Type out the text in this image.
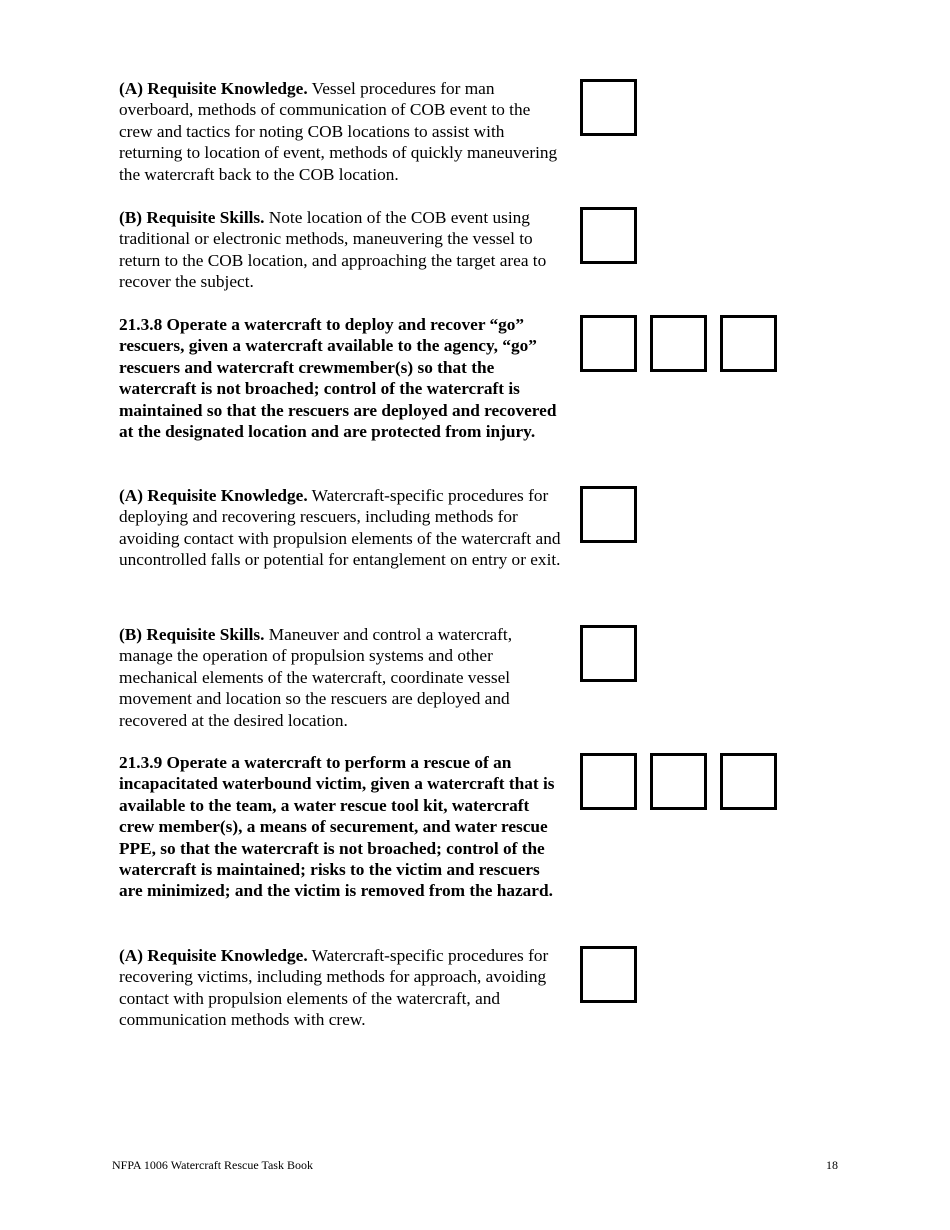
(A) Requisite Knowledge. Vessel procedures for man overboard, methods of communication of COB event to the crew and tactics for noting COB locations to assist with returning to location of event, methods of quickly maneuvering the watercraft back to the COB location.
(B) Requisite Skills. Note location of the COB event using traditional or electronic methods, maneuvering the vessel to return to the COB location, and approaching the target area to recover the subject.
21.3.8 Operate a watercraft to deploy and recover “go” rescuers, given a watercraft available to the agency, “go” rescuers and watercraft crewmember(s) so that the watercraft is not broached; control of the watercraft is maintained so that the rescuers are deployed and recovered at the designated location and are protected from injury.
(A) Requisite Knowledge. Watercraft-specific procedures for deploying and recovering rescuers, including methods for avoiding contact with propulsion elements of the watercraft and uncontrolled falls or potential for entanglement on entry or exit.
(B) Requisite Skills. Maneuver and control a watercraft, manage the operation of propulsion systems and other mechanical elements of the watercraft, coordinate vessel movement and location so the rescuers are deployed and recovered at the desired location.
21.3.9 Operate a watercraft to perform a rescue of an incapacitated waterbound victim, given a watercraft that is available to the team, a water rescue tool kit, watercraft crew member(s), a means of securement, and water rescue PPE, so that the watercraft is not broached; control of the watercraft is maintained; risks to the victim and rescuers are minimized; and the victim is removed from the hazard.
(A) Requisite Knowledge. Watercraft-specific procedures for recovering victims, including methods for approach, avoiding contact with propulsion elements of the watercraft, and communication methods with crew.
NFPA 1006 Watercraft Rescue Task Book	18
